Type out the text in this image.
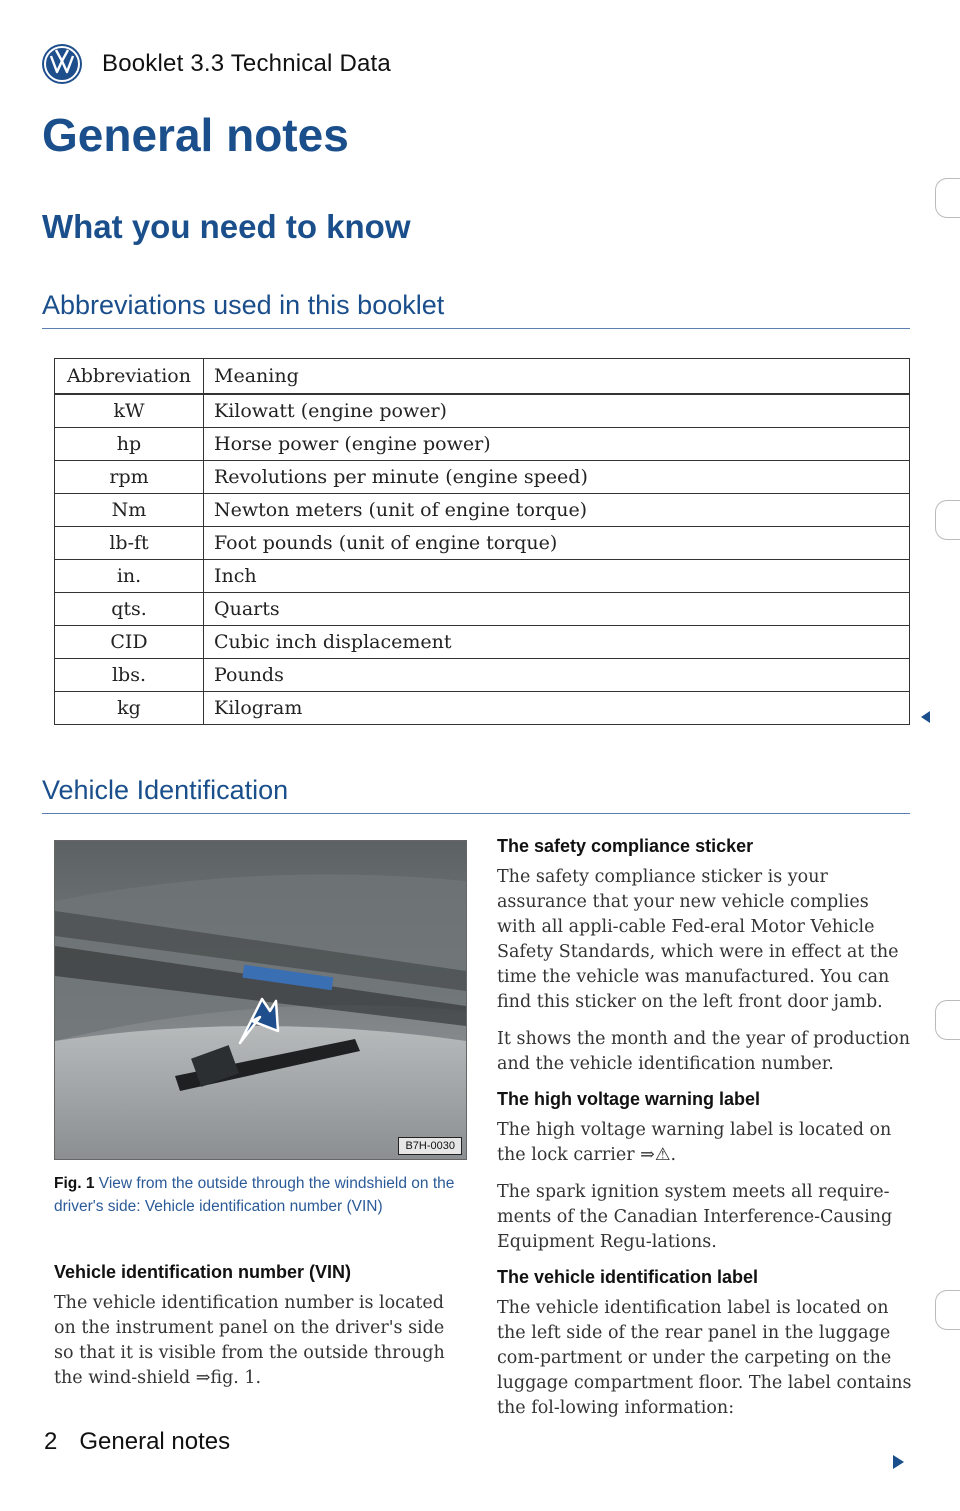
Booklet 3.3 Technical Data
General notes
What you need to know
Abbreviations used in this booklet
Abbreviation	Meaning
kW	Kilowatt (engine power)
hp	Horse power (engine power)
rpm	Revolutions per minute (engine speed)
Nm	Newton meters (unit of engine torque)
lb-ft	Foot pounds (unit of engine torque)
in.	Inch
qts.	Quarts
CID	Cubic inch displacement
lbs.	Pounds
kg	Kilogram
Vehicle Identification
B7H-0030
Fig. 1 View from the outside through the windshield on the driver's side: Vehicle identification number (VIN)
Vehicle identification number (VIN)

The vehicle identification number is located on the instrument panel on the driver's side so that it is visible from the outside through the wind-shield ⇒fig. 1.

The safety compliance sticker

The safety compliance sticker is your assurance that your new vehicle complies with all appli-cable Fed-eral Motor Vehicle Safety Standards, which were in effect at the time the vehicle was manufactured. You can find this sticker on the left front door jamb.

It shows the month and the year of production and the vehicle identification number.

The high voltage warning label

The high voltage warning label is located on the lock carrier ⇒⚠.

The spark ignition system meets all require-ments of the Canadian Interference-Causing Equipment Regu-lations.

The vehicle identification label

The vehicle identification label is located on the left side of the rear panel in the luggage com-partment or under the carpeting on the luggage compartment floor. The label contains the fol-lowing information:

2 General notes
